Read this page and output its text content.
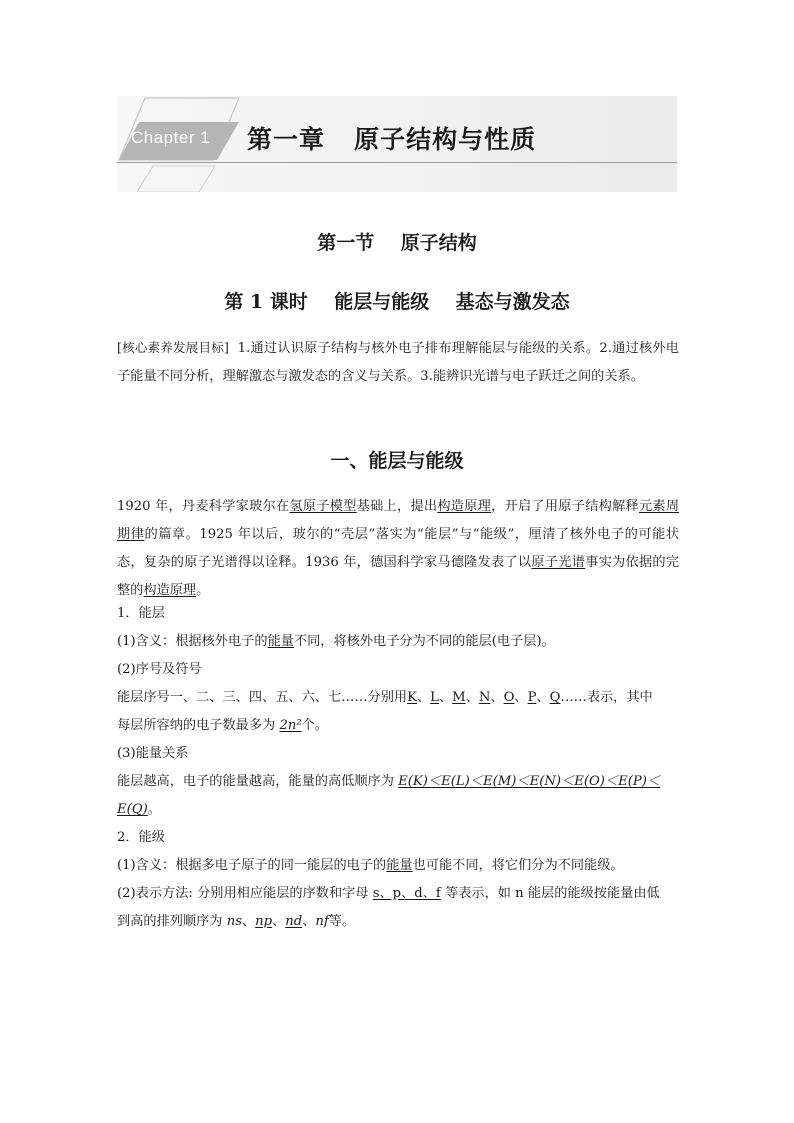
Chapter 1	第一章   原子结构与性质
第一节    原子结构
第 1 课时    能层与能级    基态与激发态
[核心素养发展目标] 1.通过认识原子结构与核外电子排布理解能层与能级的关系。2.通过核外电子能量不同分析，理解激态与激发态的含义与关系。3.能辨识光谱与电子跃迁之间的关系。
一、能层与能级
1920 年，丹麦科学家玻尔在氢原子模型基础上，提出构造原理，开启了用原子结构解释元素周期律的篇章。1925 年以后，玻尔的“壳层”落实为“能层”与“能级”，厘清了核外电子的可能状态，复杂的原子光谱得以诠释。1936 年，德国科学家马德隆发表了以原子光谱事实为依据的完整的构造原理。
1．能层
(1)含义：根据核外电子的能量不同，将核外电子分为不同的能层(电子层)。
(2)序号及符号
能层序号一、二、三、四、五、六、七……分别用K、L、M、N、O、P、Q……表示，其中
每层所容纳的电子数最多为 2n²个。
(3)能量关系
能层越高，电子的能量越高，能量的高低顺序为 E(K)＜E(L)＜E(M)＜E(N)＜E(O)＜E(P)＜
E(Q)。
2．能级
(1)含义：根据多电子原子的同一能层的电子的能量也可能不同，将它们分为不同能级。
(2)表示方法: 分别用相应能层的序数和字母 s、p、d、f 等表示，如 n 能层的能级按能量由低
到高的排列顺序为 ns、np、nd、nf等。
